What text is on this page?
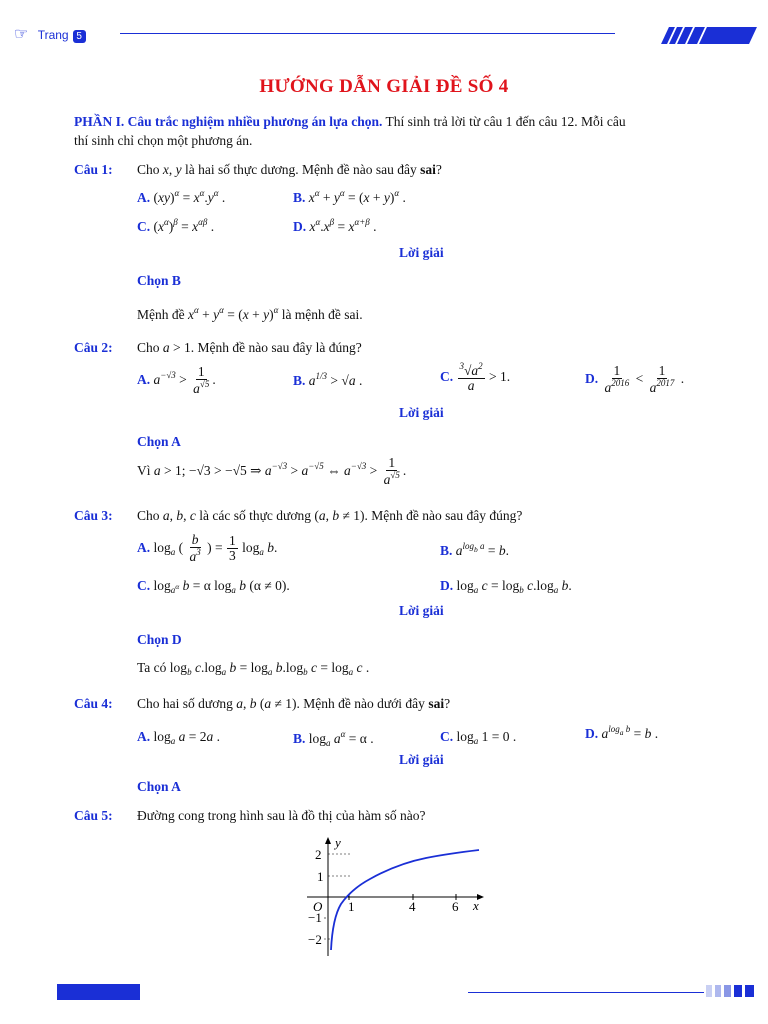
☞ Trang 5
HƯỚNG DẪN GIẢI ĐỀ SỐ 4
PHẦN I. Câu trắc nghiệm nhiều phương án lựa chọn. Thí sinh trả lời từ câu 1 đến câu 12. Mỗi câu
thí sinh chỉ chọn một phương án.
Câu 1: Cho x, y là hai số thực dương. Mệnh đề nào sau đây sai?
A. $(xy)^\alpha = x^\alpha.y^\alpha$ .	B. $x^\alpha + y^\alpha = (x + y)^\alpha$ .
C. $(x^\alpha)^\beta = x^{\alpha\beta}$ .	D. $x^\alpha.x^\beta = x^{\alpha+\beta}$ .
Lời giải
Chọn B
Mệnh đề $x^\alpha + y^\alpha = (x + y)^\alpha$ là mệnh đề sai.
Câu 2: Cho a > 1. Mệnh đề nào sau đây là đúng?
A. $a^{-√3} > \frac{1}{a^{√5}}$ .	B. $a^{1/3} > √a$ .	C. $\frac{^3√a^2}{a} > 1$.	D. $\frac{1}{a^{2016}} < \frac{1}{a^{2017}}$ .
Lời giải
Chọn A
Vì a > 1; −√3 > −√5 ⇒ $a^{-√3} > a^{-√5}$ ⇔ $a^{-√3} > \frac{1}{a^{√5}}$ .
Câu 3: Cho a, b, c là các số thực dương (a, b ≠ 1). Mệnh đề nào sau đây đúng?
A. $\log_a$ ( $\frac{b}{a^3}$ ) = $\frac{1}{3} \log_a b$.	B. $a^{log_b a} = b$.
C. $\log_{a^\alpha} b = \alpha$ $\log_a b$ (α ≠ 0).	D. $\log_a c = \log_b c.\log_a$ b.
Lời giải
Chọn D
Ta có $\log_b c.\log_a$ $b = \log_a b.\log_b$ $c = \log_a c$ .
Câu 4: Cho hai số dương a, b (a ≠ 1). Mệnh đề nào dưới đây sai?
A. $\log_a a = 2a$ .	B. $\log_a a^\alpha = \alpha$ .	C. $\log_a 1 = 0$ .	D. $a^{log_a b} = b$ .
Lời giải
Chọn A
Câu 5: Đường cong trong hình sau là đồ thị của hàm số nào?
y
x
O
2
1
−1
−2
1	4	6
